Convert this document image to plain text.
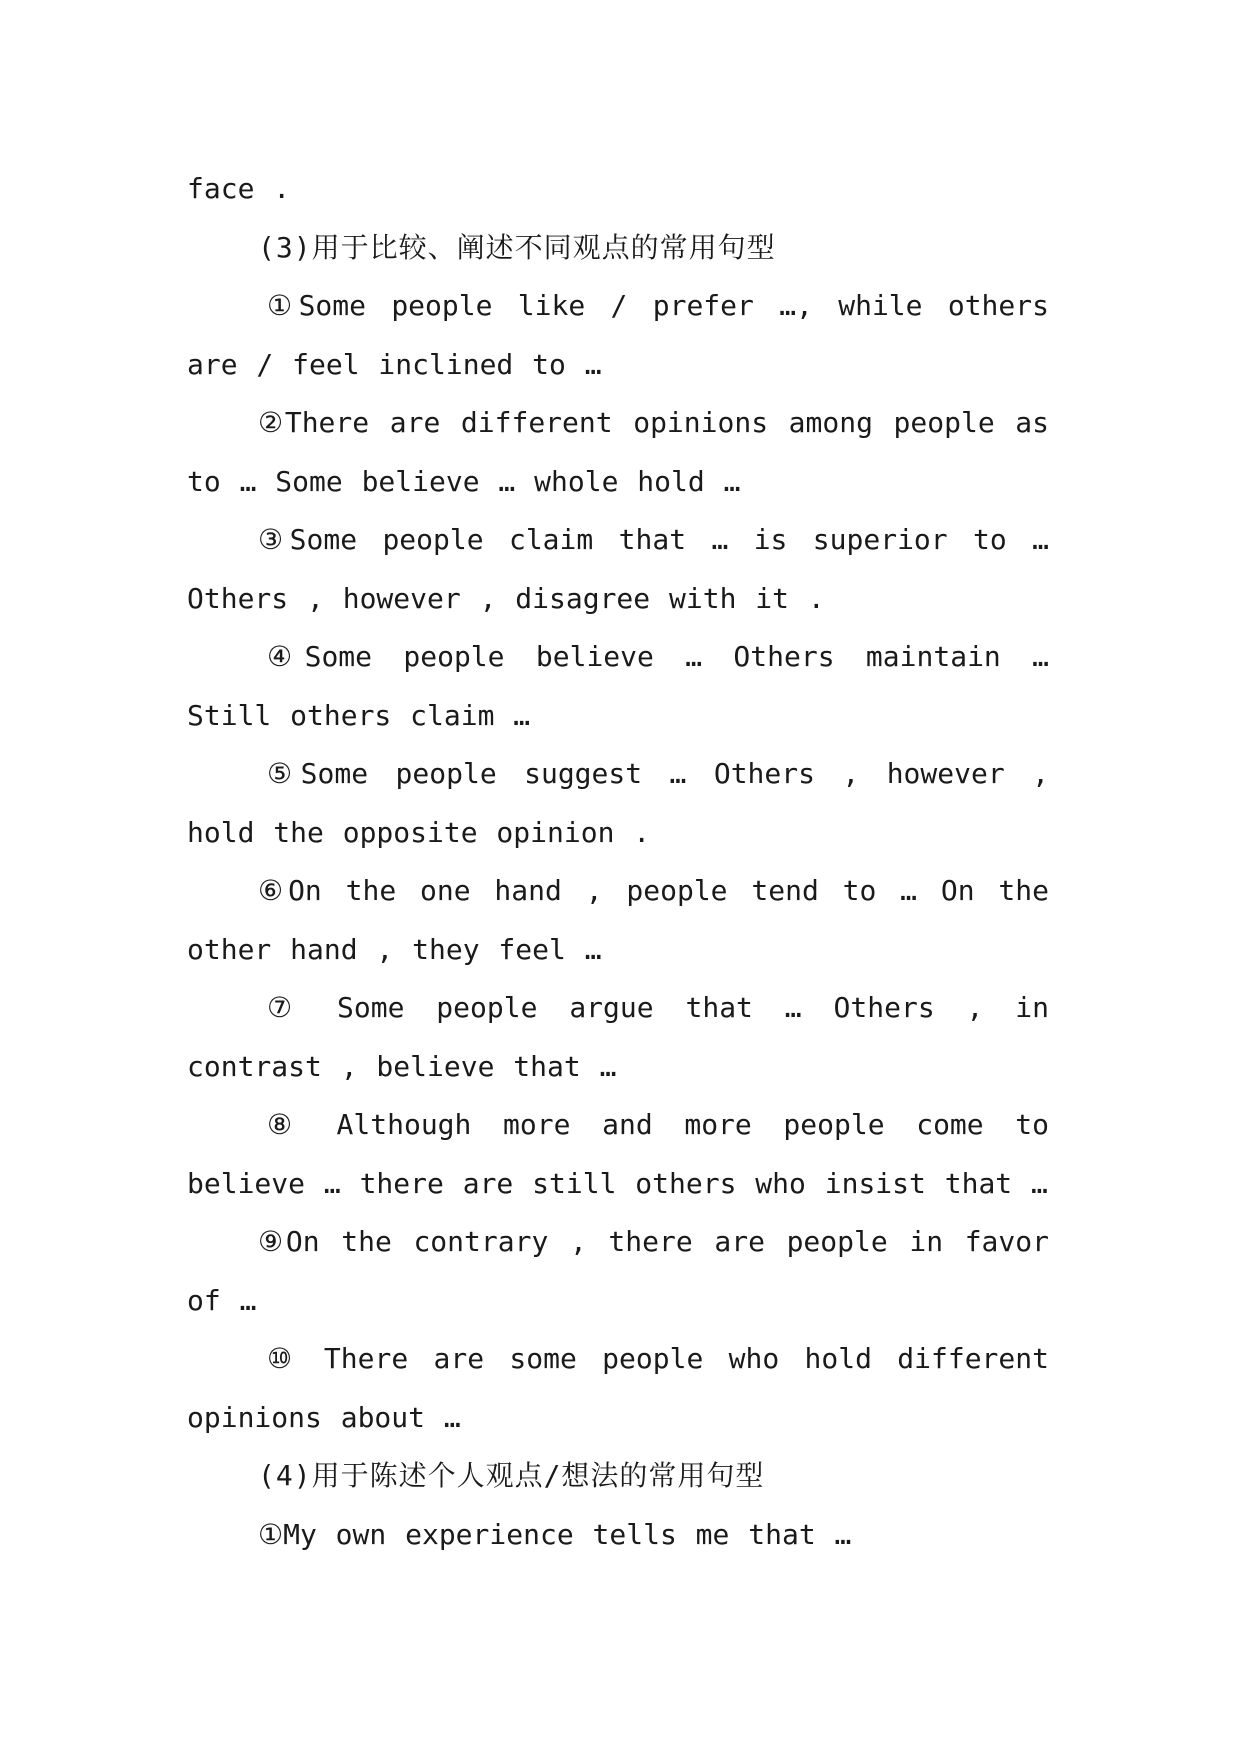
face .

(3)用于比较、阐述不同观点的常用句型

①Some people like / prefer …, while others are / feel inclined to …

②There are different opinions among people as to … Some believe … whole hold …

③Some people claim that … is superior to … Others , however , disagree with it .

④Some people believe … Others maintain … Still others claim …

⑤Some people suggest … Others , however , hold the opposite opinion .

⑥On the one hand , people tend to … On the other hand , they feel …

⑦ Some people argue that … Others , in contrast , believe that …

⑧ Although more and more people come to believe … there are still others who insist that …

⑨On the contrary , there are people in favor of …

⑩ There are some people who hold different opinions about …

(4)用于陈述个人观点/想法的常用句型

①My own experience tells me that …
